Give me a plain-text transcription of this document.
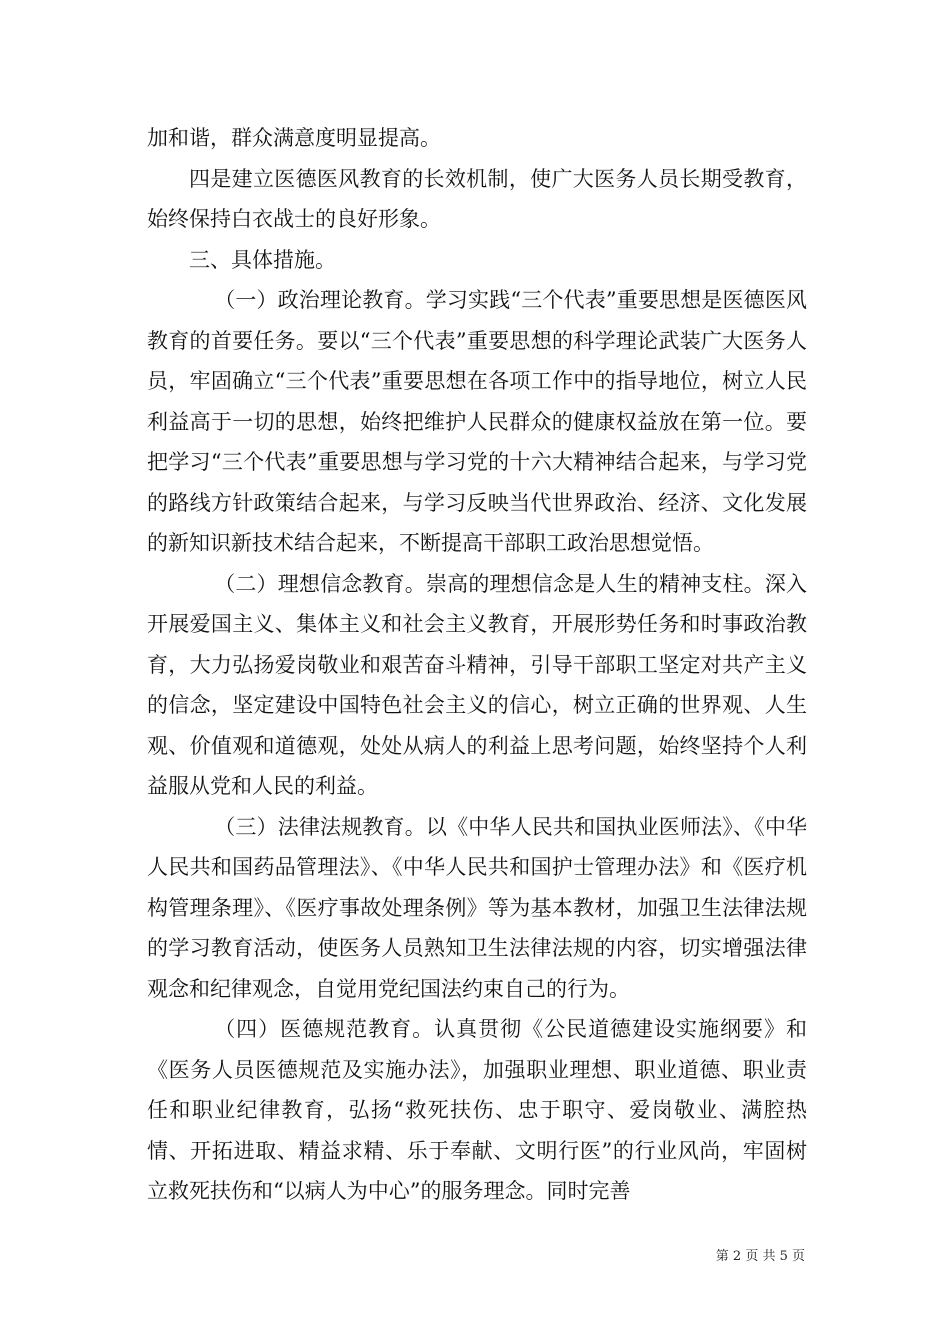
加和谐，群众满意度明显提高。

四是建立医德医风教育的长效机制，使广大医务人员长期受教育，始终保持白衣战士的良好形象。

三、具体措施。

（一）政治理论教育。学习实践“三个代表”重要思想是医德医风教育的首要任务。要以“三个代表”重要思想的科学理论武装广大医务人员，牢固确立“三个代表”重要思想在各项工作中的指导地位，树立人民利益高于一切的思想，始终把维护人民群众的健康权益放在第一位。要把学习“三个代表”重要思想与学习党的十六大精神结合起来，与学习党的路线方针政策结合起来，与学习反映当代世界政治、经济、文化发展的新知识新技术结合起来，不断提高干部职工政治思想觉悟。

（二）理想信念教育。崇高的理想信念是人生的精神支柱。深入开展爱国主义、集体主义和社会主义教育，开展形势任务和时事政治教育，大力弘扬爱岗敬业和艰苦奋斗精神，引导干部职工坚定对共产主义的信念，坚定建设中国特色社会主义的信心，树立正确的世界观、人生观、价值观和道德观，处处从病人的利益上思考问题，始终坚持个人利益服从党和人民的利益。

（三）法律法规教育。以《中华人民共和国执业医师法》、《中华人民共和国药品管理法》、《中华人民共和国护士管理办法》和《医疗机构管理条理》、《医疗事故处理条例》等为基本教材，加强卫生法律法规的学习教育活动，使医务人员熟知卫生法律法规的内容，切实增强法律观念和纪律观念，自觉用党纪国法约束自己的行为。

（四）医德规范教育。认真贯彻《公民道德建设实施纲要》和《医务人员医德规范及实施办法》，加强职业理想、职业道德、职业责任和职业纪律教育，弘扬“救死扶伤、忠于职守、爱岗敬业、满腔热情、开拓进取、精益求精、乐于奉献、文明行医”的行业风尚，牢固树立救死扶伤和“以病人为中心”的服务理念。同时完善

第 2 页 共 5 页
